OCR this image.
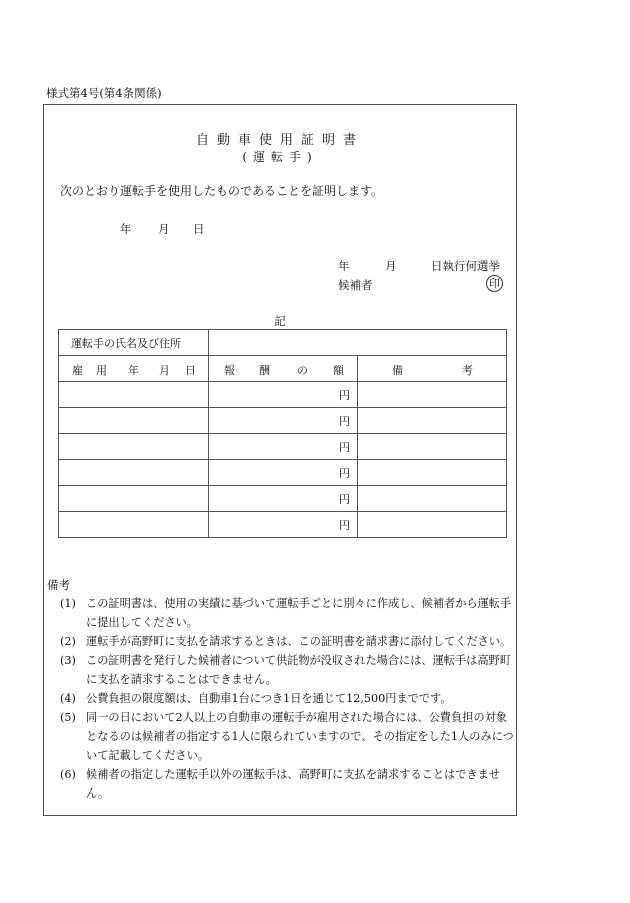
様式第4号(第4条関係)
自動車使用証明書
(運転手)
次のとおり運転手を使用したものであることを証明します。
年 月 日
年	月	日執行何選挙
候補者	印
記
運転手の氏名及び住所		

雇 用 年 月 日	報 酬 の 額	備 考

	円	
	円	
	円	
	円	
	円	
	円	
備考
(1) この証明書は、使用の実績に基づいて運転手ごとに別々に作成し、候補者から運転手に提出してください。
(2) 運転手が高野町に支払を請求するときは、この証明書を請求書に添付してください。
(3) この証明書を発行した候補者について供託物が没収された場合には、運転手は高野町に支払を請求することはできません。
(4) 公費負担の限度額は、自動車1台につき1日を通じて12,500円までです。
(5) 同一の日において2人以上の自動車の運転手が雇用された場合には、公費負担の対象となるのは候補者の指定する1人に限られていますので、その指定をした1人のみについて記載してください。
(6) 候補者の指定した運転手以外の運転手は、高野町に支払を請求することはできません。
